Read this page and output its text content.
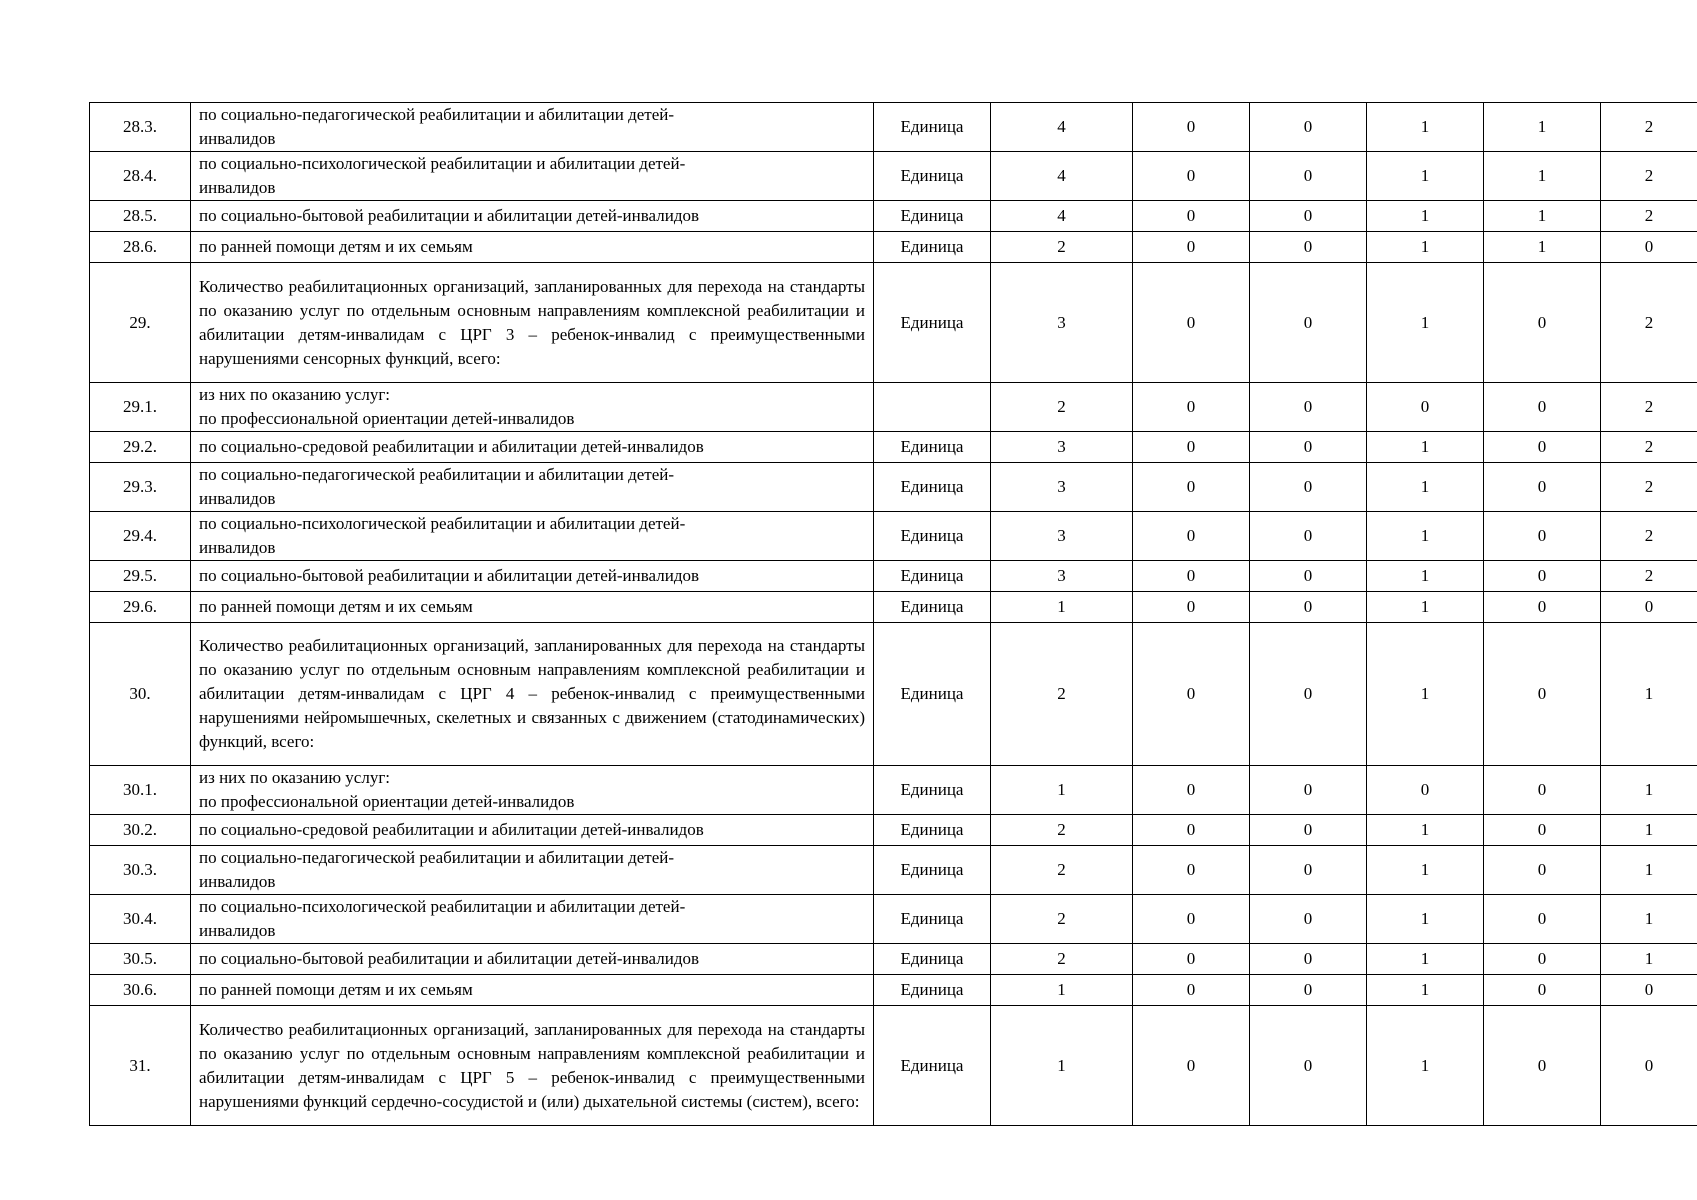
28.3.	по социально-педагогической реабилитации и абилитации детей-
инвалидов	Единица	4	0	0	1	1	2
28.4.	по социально-психологической реабилитации и абилитации детей-
инвалидов	Единица	4	0	0	1	1	2
28.5.	по социально-бытовой реабилитации и абилитации детей-инвалидов	Единица	4	0	0	1	1	2
28.6.	по ранней помощи детям и их семьям	Единица	2	0	0	1	1	0
29.	Количество реабилитационных организаций, запланированных для перехода на стандарты по оказанию услуг по отдельным основным направлениям комплексной реабилитации и абилитации детям-инвалидам с ЦРГ 3 – ребенок-инвалид с преимущественными нарушениями сенсорных функций, всего:	Единица	3	0	0	1	0	2
29.1.	из них по оказанию услуг:
по профессиональной ориентации детей-инвалидов		2	0	0	0	0	2
29.2.	по социально-средовой реабилитации и абилитации детей-инвалидов	Единица	3	0	0	1	0	2
29.3.	по социально-педагогической реабилитации и абилитации детей-
инвалидов	Единица	3	0	0	1	0	2
29.4.	по социально-психологической реабилитации и абилитации детей-
инвалидов	Единица	3	0	0	1	0	2
29.5.	по социально-бытовой реабилитации и абилитации детей-инвалидов	Единица	3	0	0	1	0	2
29.6.	по ранней помощи детям и их семьям	Единица	1	0	0	1	0	0
30.	Количество реабилитационных организаций, запланированных для перехода на стандарты по оказанию услуг по отдельным основным направлениям комплексной реабилитации и абилитации детям-инвалидам с ЦРГ 4 – ребенок-инвалид с преимущественными нарушениями нейромышечных, скелетных и связанных с движением (статодинамических) функций, всего:	Единица	2	0	0	1	0	1
30.1.	из них по оказанию услуг:
по профессиональной ориентации детей-инвалидов	Единица	1	0	0	0	0	1
30.2.	по социально-средовой реабилитации и абилитации детей-инвалидов	Единица	2	0	0	1	0	1
30.3.	по социально-педагогической реабилитации и абилитации детей-
инвалидов	Единица	2	0	0	1	0	1
30.4.	по социально-психологической реабилитации и абилитации детей-
инвалидов	Единица	2	0	0	1	0	1
30.5.	по социально-бытовой реабилитации и абилитации детей-инвалидов	Единица	2	0	0	1	0	1
30.6.	по ранней помощи детям и их семьям	Единица	1	0	0	1	0	0
31.	Количество реабилитационных организаций, запланированных для перехода на стандарты по оказанию услуг по отдельным основным направлениям комплексной реабилитации и абилитации детям-инвалидам с ЦРГ 5 – ребенок-инвалид с преимущественными нарушениями функций сердечно-сосудистой и (или) дыхательной системы (систем), всего:	Единица	1	0	0	1	0	0
